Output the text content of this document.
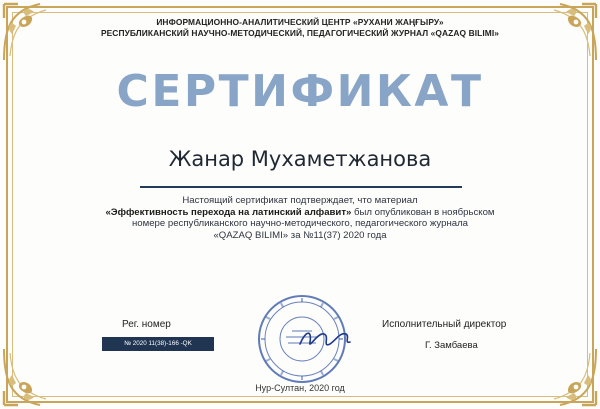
ИНФОРМАЦИОННО-АНАЛИТИЧЕСКИЙ ЦЕНТР «РУХАНИ ЖАҢҒЫРУ»
РЕСПУБЛИКАНСКИЙ НАУЧНО-МЕТОДИЧЕСКИЙ, ПЕДАГОГИЧЕСКИЙ ЖУРНАЛ «QAZAQ BILIMI»
СЕРТИФИКАТ
Жанар Мухаметжанова
Настоящий сертификат подтверждает, что материал
«Эффективность перехода на латинский алфавит» был опубликован в ноябрьском номере республиканского научно-методического, педагогического журнала
«QAZAQ BILIMI» за №11(37) 2020 года
Рег. номер
№ 2020 11(38)-166 -QK
Исполнительный директор
Г. Замбаева
Нур-Султан, 2020 год
